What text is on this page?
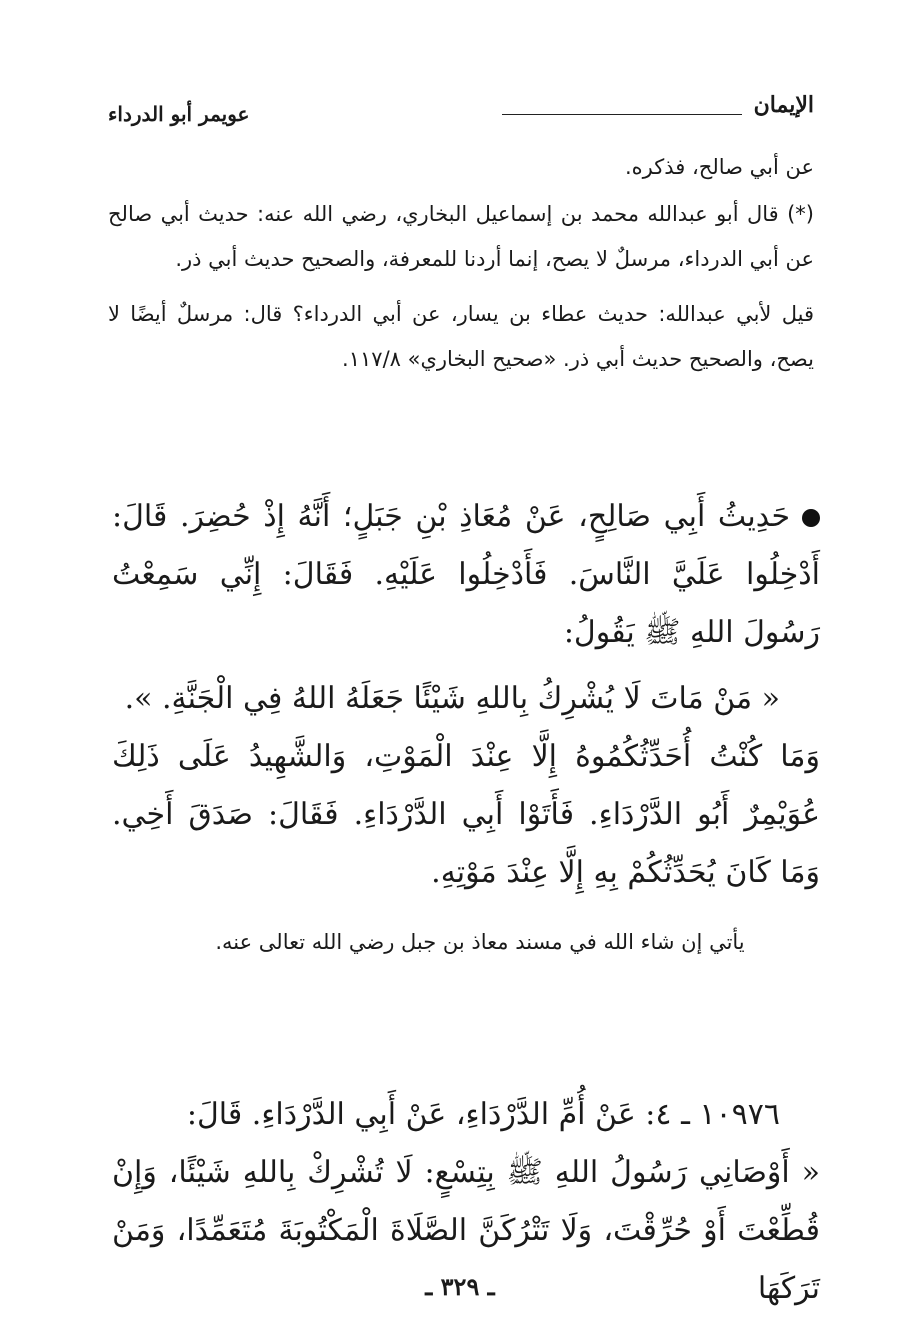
الإيمان
عويمر أبو الدرداء

عن أبي صالح، فذكره.

(*) قال أبو عبدالله محمد بن إسماعيل البخاري، رضي الله عنه: حديث أبي صالح عن أبي الدرداء، مرسلٌ لا يصح، إنما أردنا للمعرفة، والصحيح حديث أبي ذر.

قيل لأبي عبدالله: حديث عطاء بن يسار، عن أبي الدرداء؟ قال: مرسلٌ أيضًا لا يصح، والصحيح حديث أبي ذر. «صحيح البخاري» ١١٧/٨.

حَدِيثُ أَبِي صَالِحٍ، عَنْ مُعَاذِ بْنِ جَبَلٍ؛ أَنَّهُ إِذْ حُضِرَ. قَالَ: أَدْخِلُوا عَلَيَّ النَّاسَ. فَأَدْخِلُوا عَلَيْهِ. فَقَالَ: إِنِّي سَمِعْتُ رَسُولَ اللهِ ﷺ يَقُولُ:

« مَنْ مَاتَ لَا يُشْرِكُ بِاللهِ شَيْئًا جَعَلَهُ اللهُ فِي الْجَنَّةِ. ».

وَمَا كُنْتُ أُحَدِّثُكُمُوهُ إِلَّا عِنْدَ الْمَوْتِ، وَالشَّهِيدُ عَلَى ذَلِكَ عُوَيْمِرٌ أَبُو الدَّرْدَاءِ. فَأَتَوْا أَبِي الدَّرْدَاءِ. فَقَالَ: صَدَقَ أَخِي. وَمَا كَانَ يُحَدِّثُكُمْ بِهِ إِلَّا عِنْدَ مَوْتِهِ.

يأتي إن شاء الله في مسند معاذ بن جبل رضي الله تعالى عنه.

١٠٩٧٦ ـ ٤: عَنْ أُمِّ الدَّرْدَاءِ، عَنْ أَبِي الدَّرْدَاءِ. قَالَ:

« أَوْصَانِي رَسُولُ اللهِ ﷺ بِتِسْعٍ: لَا تُشْرِكْ بِاللهِ شَيْئًا، وَإِنْ قُطِّعْتَ أَوْ حُرِّقْتَ، وَلَا تَتْرُكَنَّ الصَّلَاةَ الْمَكْتُوبَةَ مُتَعَمِّدًا، وَمَنْ تَرَكَهَا

ـ ٣٢٩ ـ
